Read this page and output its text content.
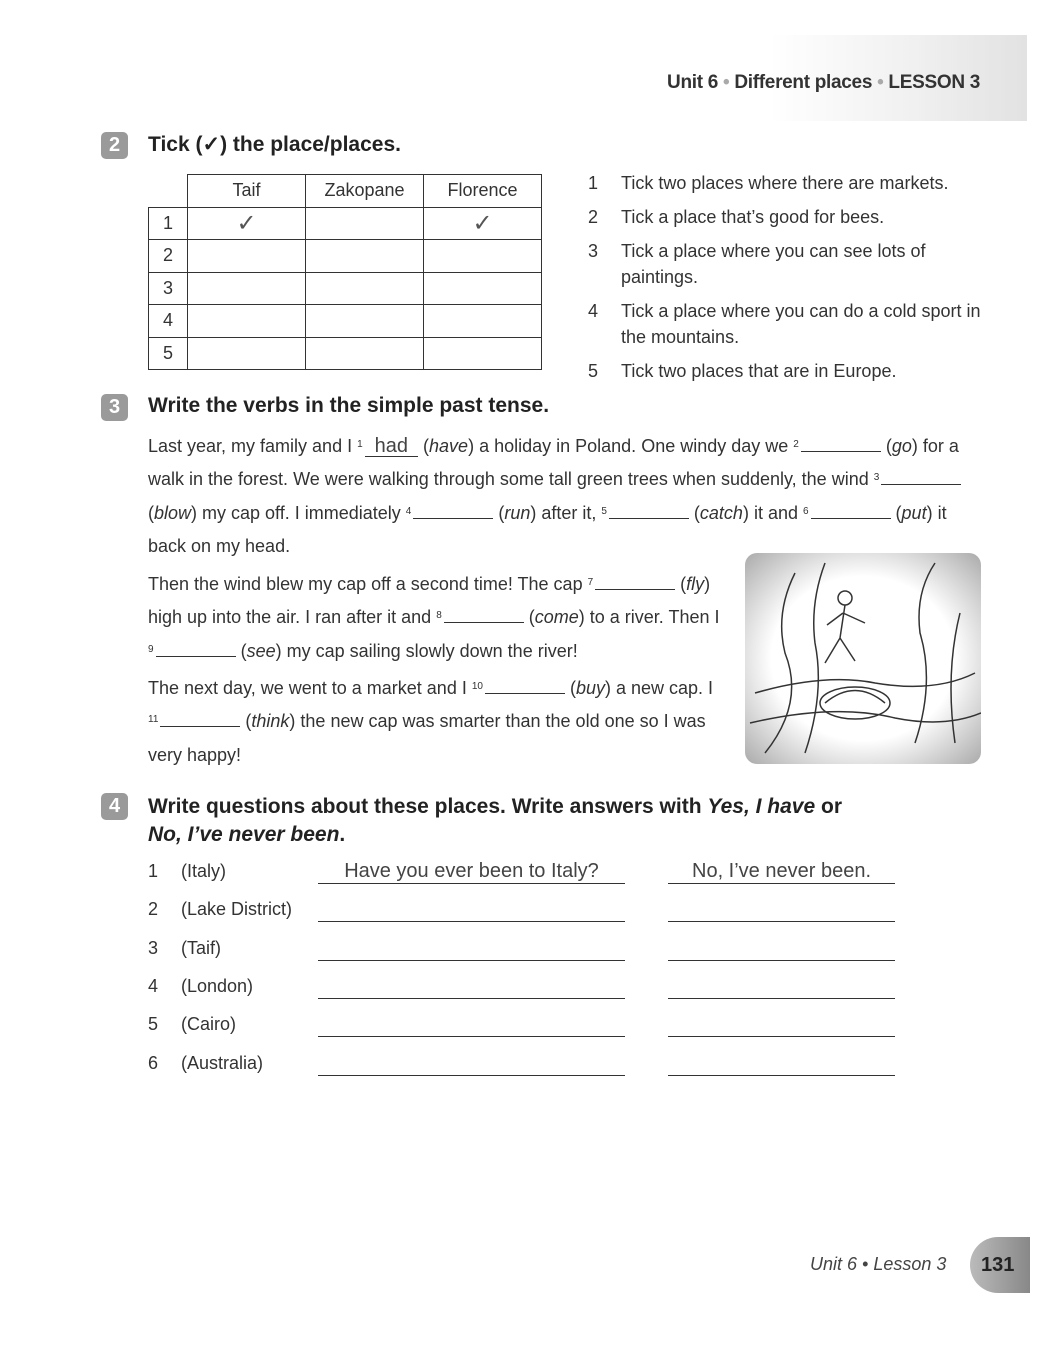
Unit 6 • Different places • LESSON 3
2	Tick (✓) the place/places.
	Taif	Zakopane	Florence
1	✓		✓
2			
3			
4			
5			
1	Tick two places where there are markets.
2	Tick a place that’s good for bees.
3	Tick a place where you can see lots of paintings.
4	Tick a place where you can do a cold sport in the mountains.
5	Tick two places that are in Europe.
3	Write the verbs in the simple past tense.
Last year, my family and I $^1$ had (have) a holiday in Poland. One windy day we $^2$	(go) for a walk in the forest. We were walking through some tall green trees when suddenly, the wind $^3$ (blow) my cap off. I immediately $^4$	(run) after it, $^5$	(catch) it and $^6$	(put) it back on my head.
Then the wind blew my cap off a second time! The cap $^7$	(fly) high up into the air. I ran after it and $^8$	(come) to a river. Then I $^9$	(see) my cap sailing slowly down the river!
The next day, we went to a market and I $^{10}$	(buy) a new cap. I $^{11}$	(think) the new cap was smarter than the old one so I was very happy!
4	Write questions about these places. Write answers with Yes, I have or
No, I’ve never been.
1	(Italy)	Have you ever been to Italy?	No, I’ve never been.
2	(Lake District)
3	(Taif)
4	(London)
5	(Cairo)
6	(Australia)
Unit 6 • Lesson 3	131
